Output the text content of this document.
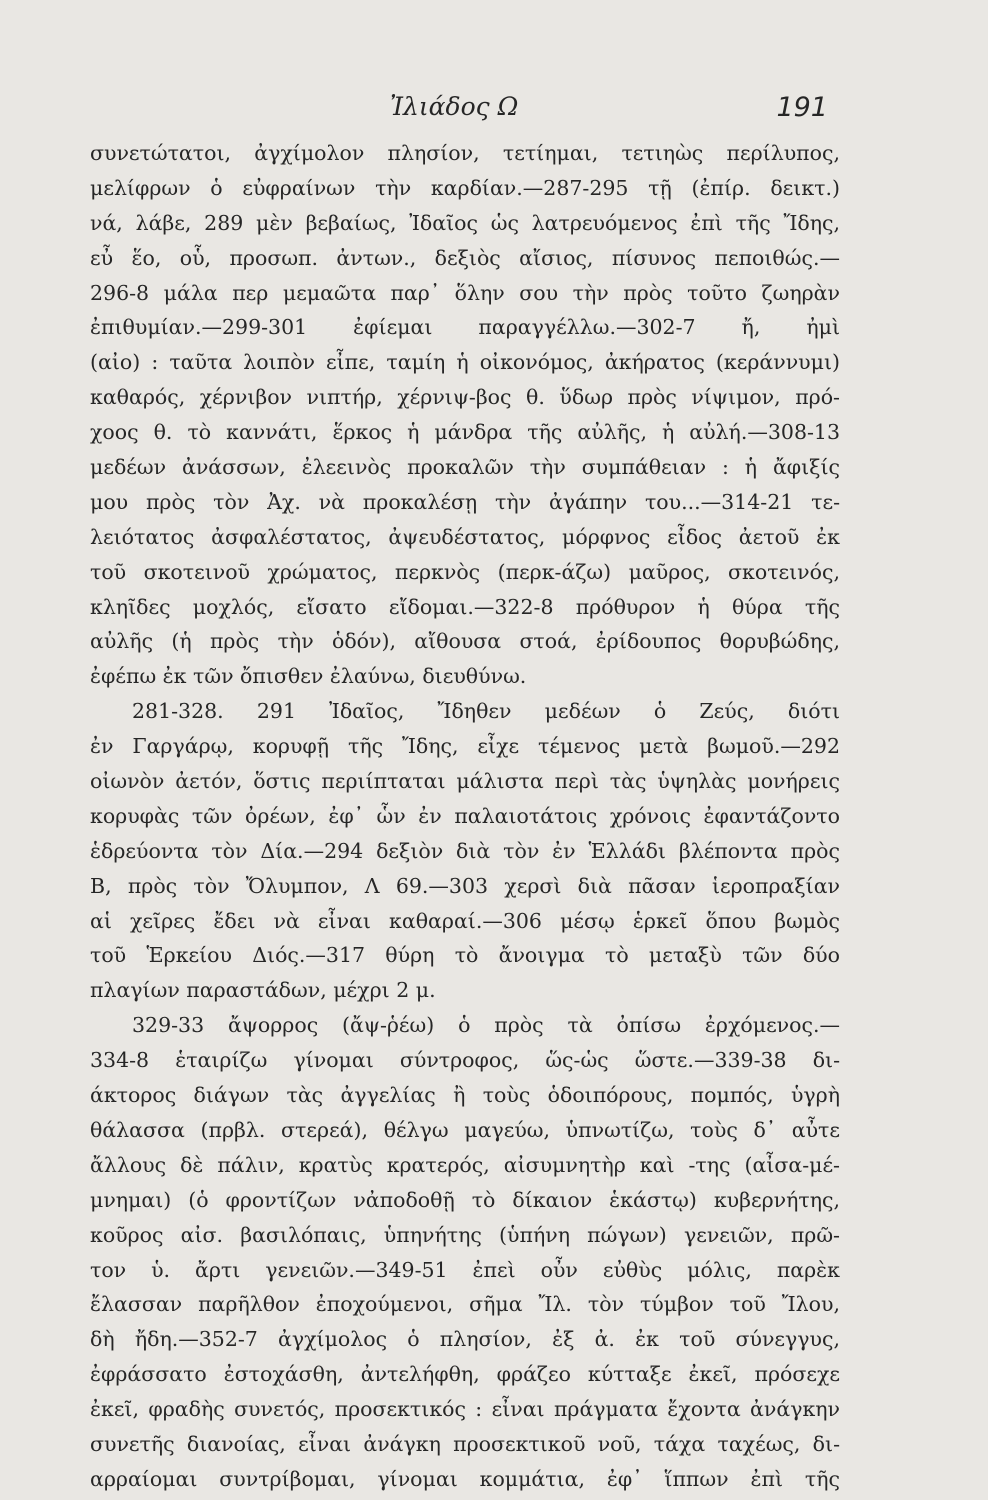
Ἰλιάδος Ω	191
συνετώτατοι, ἀγχίμολον πλησίον, τετίημαι, τετιηὼς περίλυπος,
μελίφρων ὁ εὐφραίνων τὴν καρδίαν.—287-295 τῇ (ἐπίρ. δεικτ.)
νά, λάβε, 289 μὲν βεβαίως, Ἰδαῖος ὡς λατρευόμενος ἐπὶ τῆς Ἴδης,
εὖ ἕο, οὗ, προσωπ. ἀντων., δεξιὸς αἴσιος, πίσυνος πεποιθώς.—
296-8 μάλα περ μεμαῶτα παρ᾽ ὅλην σου τὴν πρὸς τοῦτο ζωηρὰν
ἐπιθυμίαν.—299-301 ἐφίεμαι παραγγέλλω.—302-7 ἤ, ἠμὶ
(αἰο) : ταῦτα λοιπὸν εἶπε, ταμίη ἡ οἰκονόμος, ἀκήρατος (κεράννυμι)
καθαρός, χέρνιβον νιπτήρ, χέρνιψ-βος θ. ὕδωρ πρὸς νίψιμον, πρό-
χοος θ. τὸ καννάτι, ἕρκος ἡ μάνδρα τῆς αὐλῆς, ἡ αὐλή.—308-13
μεδέων ἀνάσσων, ἐλεεινὸς προκαλῶν τὴν συμπάθειαν : ἡ ἄφιξίς
μου πρὸς τὸν Ἀχ. νὰ προκαλέσῃ τὴν ἀγάπην του...—314-21 τε-
λειότατος ἀσφαλέστατος, ἀψευδέστατος, μόρφνος εἶδος ἀετοῦ ἐκ
τοῦ σκοτεινοῦ χρώματος, περκνὸς (περκ-άζω) μαῦρος, σκοτεινός,
κληῖδες μοχλός, εἴσατο εἴδομαι.—322-8 πρόθυρον ἡ θύρα τῆς
αὐλῆς (ἡ πρὸς τὴν ὁδόν), αἴθουσα στοά, ἐρίδουπος θορυβώδης,
ἐφέπω ἐκ τῶν ὄπισθεν ἐλαύνω, διευθύνω.
281-328. 291 Ἰδαῖος, Ἴδηθεν μεδέων ὁ Ζεύς, διότι
ἐν Γαργάρῳ, κορυφῇ τῆς Ἴδης, εἶχε τέμενος μετὰ βωμοῦ.—292
οἰωνὸν ἀετόν, ὅστις περιίπταται μάλιστα περὶ τὰς ὑψηλὰς μονήρεις
κορυφὰς τῶν ὀρέων, ἐφ᾽ ὧν ἐν παλαιοτάτοις χρόνοις ἐφαντάζοντο
ἑδρεύοντα τὸν Δία.—294 δεξιὸν διὰ τὸν ἐν Ἑλλάδι βλέποντα πρὸς
Β, πρὸς τὸν Ὄλυμπον, Λ 69.—303 χερσὶ διὰ πᾶσαν ἱεροπραξίαν
αἱ χεῖρες ἔδει νὰ εἶναι καθαραί.—306 μέσῳ ἑρκεῖ ὅπου βωμὸς
τοῦ Ἑρκείου Διός.—317 θύρη τὸ ἄνοιγμα τὸ μεταξὺ τῶν δύο
πλαγίων παραστάδων, μέχρι 2 μ.
329-33 ἄψορρος (ἄψ-ῥέω) ὁ πρὸς τὰ ὀπίσω ἐρχόμενος.—
334-8 ἑταιρίζω γίνομαι σύντροφος, ὥς-ὡς ὥστε.—339-38 δι-
άκτορος διάγων τὰς ἀγγελίας ἢ τοὺς ὁδοιπόρους, πομπός, ὑγρὴ
θάλασσα (πρβλ. στερεά), θέλγω μαγεύω, ὑπνωτίζω, τοὺς δ᾽ αὖτε
ἄλλους δὲ πάλιν, κρατὺς κρατερός, αἰσυμνητὴρ καὶ -της (αἶσα-μέ-
μνημαι) (ὁ φροντίζων νἀποδοθῇ τὸ δίκαιον ἑκάστῳ) κυβερνήτης,
κοῦρος αἰσ. βασιλόπαις, ὑπηνήτης (ὑπήνη πώγων) γενειῶν, πρῶ-
τον ὑ. ἄρτι γενειῶν.—349-51 ἐπεὶ οὖν εὐθὺς μόλις, παρὲκ
ἔλασσαν παρῆλθον ἐποχούμενοι, σῆμα Ἴλ. τὸν τύμβον τοῦ Ἴλου,
δὴ ἤδη.—352-7 ἀγχίμολος ὁ πλησίον, ἐξ ἀ. ἐκ τοῦ σύνεγγυς,
ἐφράσσατο ἐστοχάσθη, ἀντελήφθη, φράζεο κύτταξε ἐκεῖ, πρόσεχε
ἐκεῖ, φραδὴς συνετός, προσεκτικός : εἶναι πράγματα ἔχοντα ἀνάγκην
συνετῆς διανοίας, εἶναι ἀνάγκη προσεκτικοῦ νοῦ, τάχα ταχέως, δι-
αρραίομαι συντρίβομαι, γίνομαι κομμάτια, ἐφ᾽ ἵππων ἐπὶ τῆς
